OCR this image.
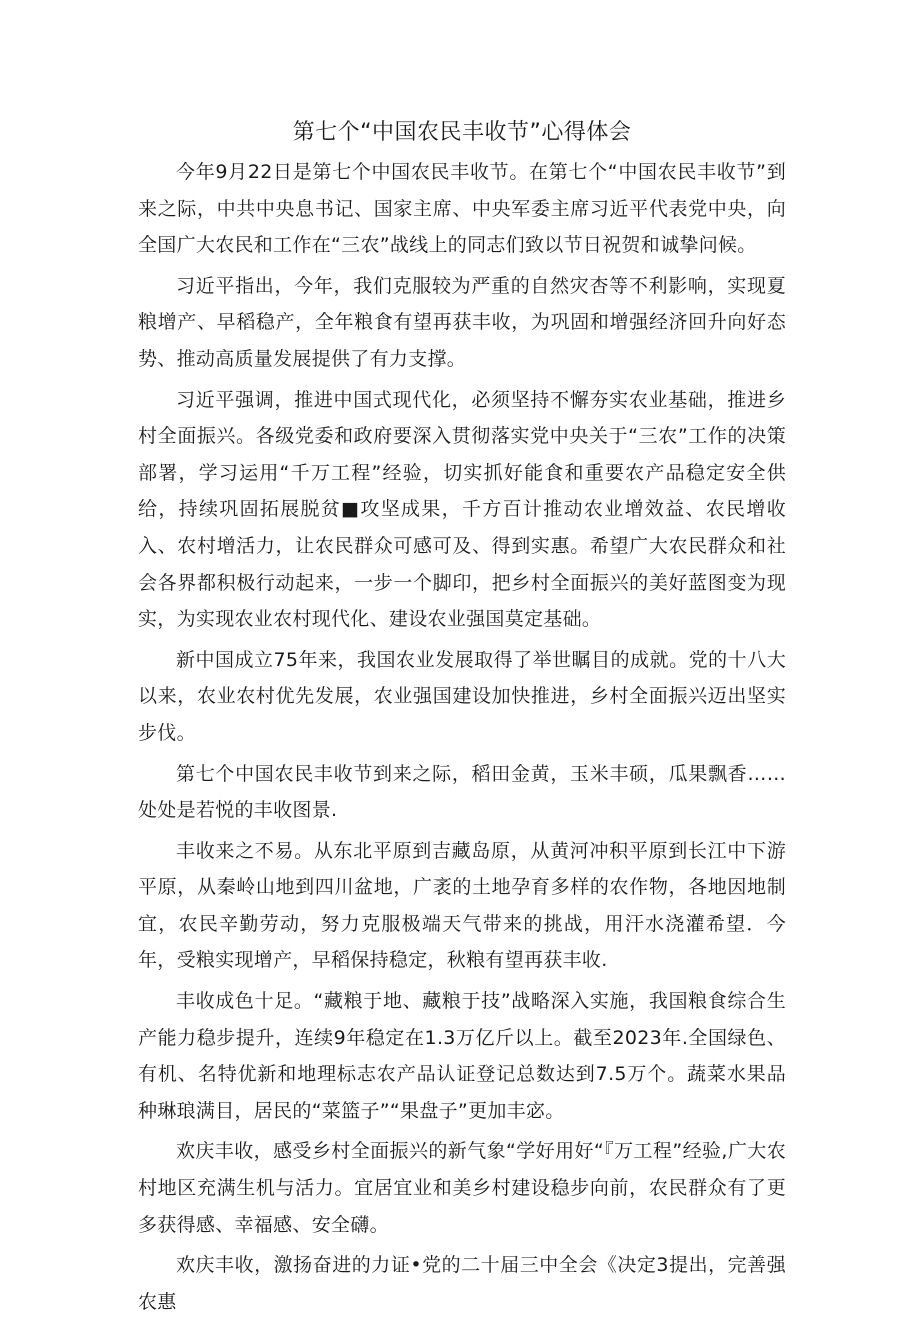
第七个“中国农民丰收节”心得体会

今年9月22日是第七个中国农民丰收节。在第七个“中国农民丰收节”到来之际，中共中央息书记、国家主席、中央军委主席习近平代表党中央，向全国广大农民和工作在“三农”战线上的同志们致以节日祝贺和诚挚问候。

习近平指出，今年，我们克服较为严重的自然灾杏等不利影响，实现夏粮增产、早稻稳产，全年粮食有望再获丰收，为巩固和增强经济回升向好态势、推动高质量发展提供了有力支撑。

习近平强调，推进中国式现代化，必须坚持不懈夯实农业基础，推进乡村全面振兴。各级党委和政府要深入贯彻落实党中央关于“三农”工作的决策部署，学习运用“千万工程”经验，切实抓好能食和重要农产品稳定安全供给，持续巩固拓展脱贫■攻坚成果，千方百计推动农业增效益、农民增收入、农村增活力，让农民群众可感可及、得到实惠。希望广大农民群众和社会各界都积极行动起来，一步一个脚印，把乡村全面振兴的美好蓝图变为现实，为实现农业农村现代化、建设农业强国莫定基础。

新中国成立75年来，我国农业发展取得了举世瞩目的成就。党的十八大以来，农业农村优先发展，农业强国建设加快推进，乡村全面振兴迈出坚实步伐。

第七个中国农民丰收节到来之际，稻田金黄，玉米丰硕，瓜果飘香……处处是若悦的丰收图景.

丰收来之不易。从东北平原到吉藏岛原，从黄河冲积平原到长江中下游平原，从秦岭山地到四川盆地，广袤的土地孕育多样的农作物，各地因地制宜，农民辛勤劳动，努力克服极端天气带来的挑战，用汗水浇灌希望．今年，受粮实现增产，早稻保持稳定，秋粮有望再获丰收.

丰收成色十足。“藏粮于地、藏粮于技”战略深入实施，我国粮食综合生产能力稳步提升，连续9年稳定在1.3万亿斤以上。截至2023年.全国绿色、有机、名特优新和地理标志农产品认证登记总数达到7.5万个。蔬菜水果品种琳琅满目，居民的“菜篮子”“果盘子”更加丰宓。

欢庆丰收，感受乡村全面振兴的新气象“学好用好“『万工程”经验,广大农村地区充满生机与活力。宜居宜业和美乡村建设稳步向前，农民群众有了更多获得感、幸福感、安全礴。

欢庆丰收，激扬奋进的力证•党的二十届三中全会《决定3提出，完善强农惠
